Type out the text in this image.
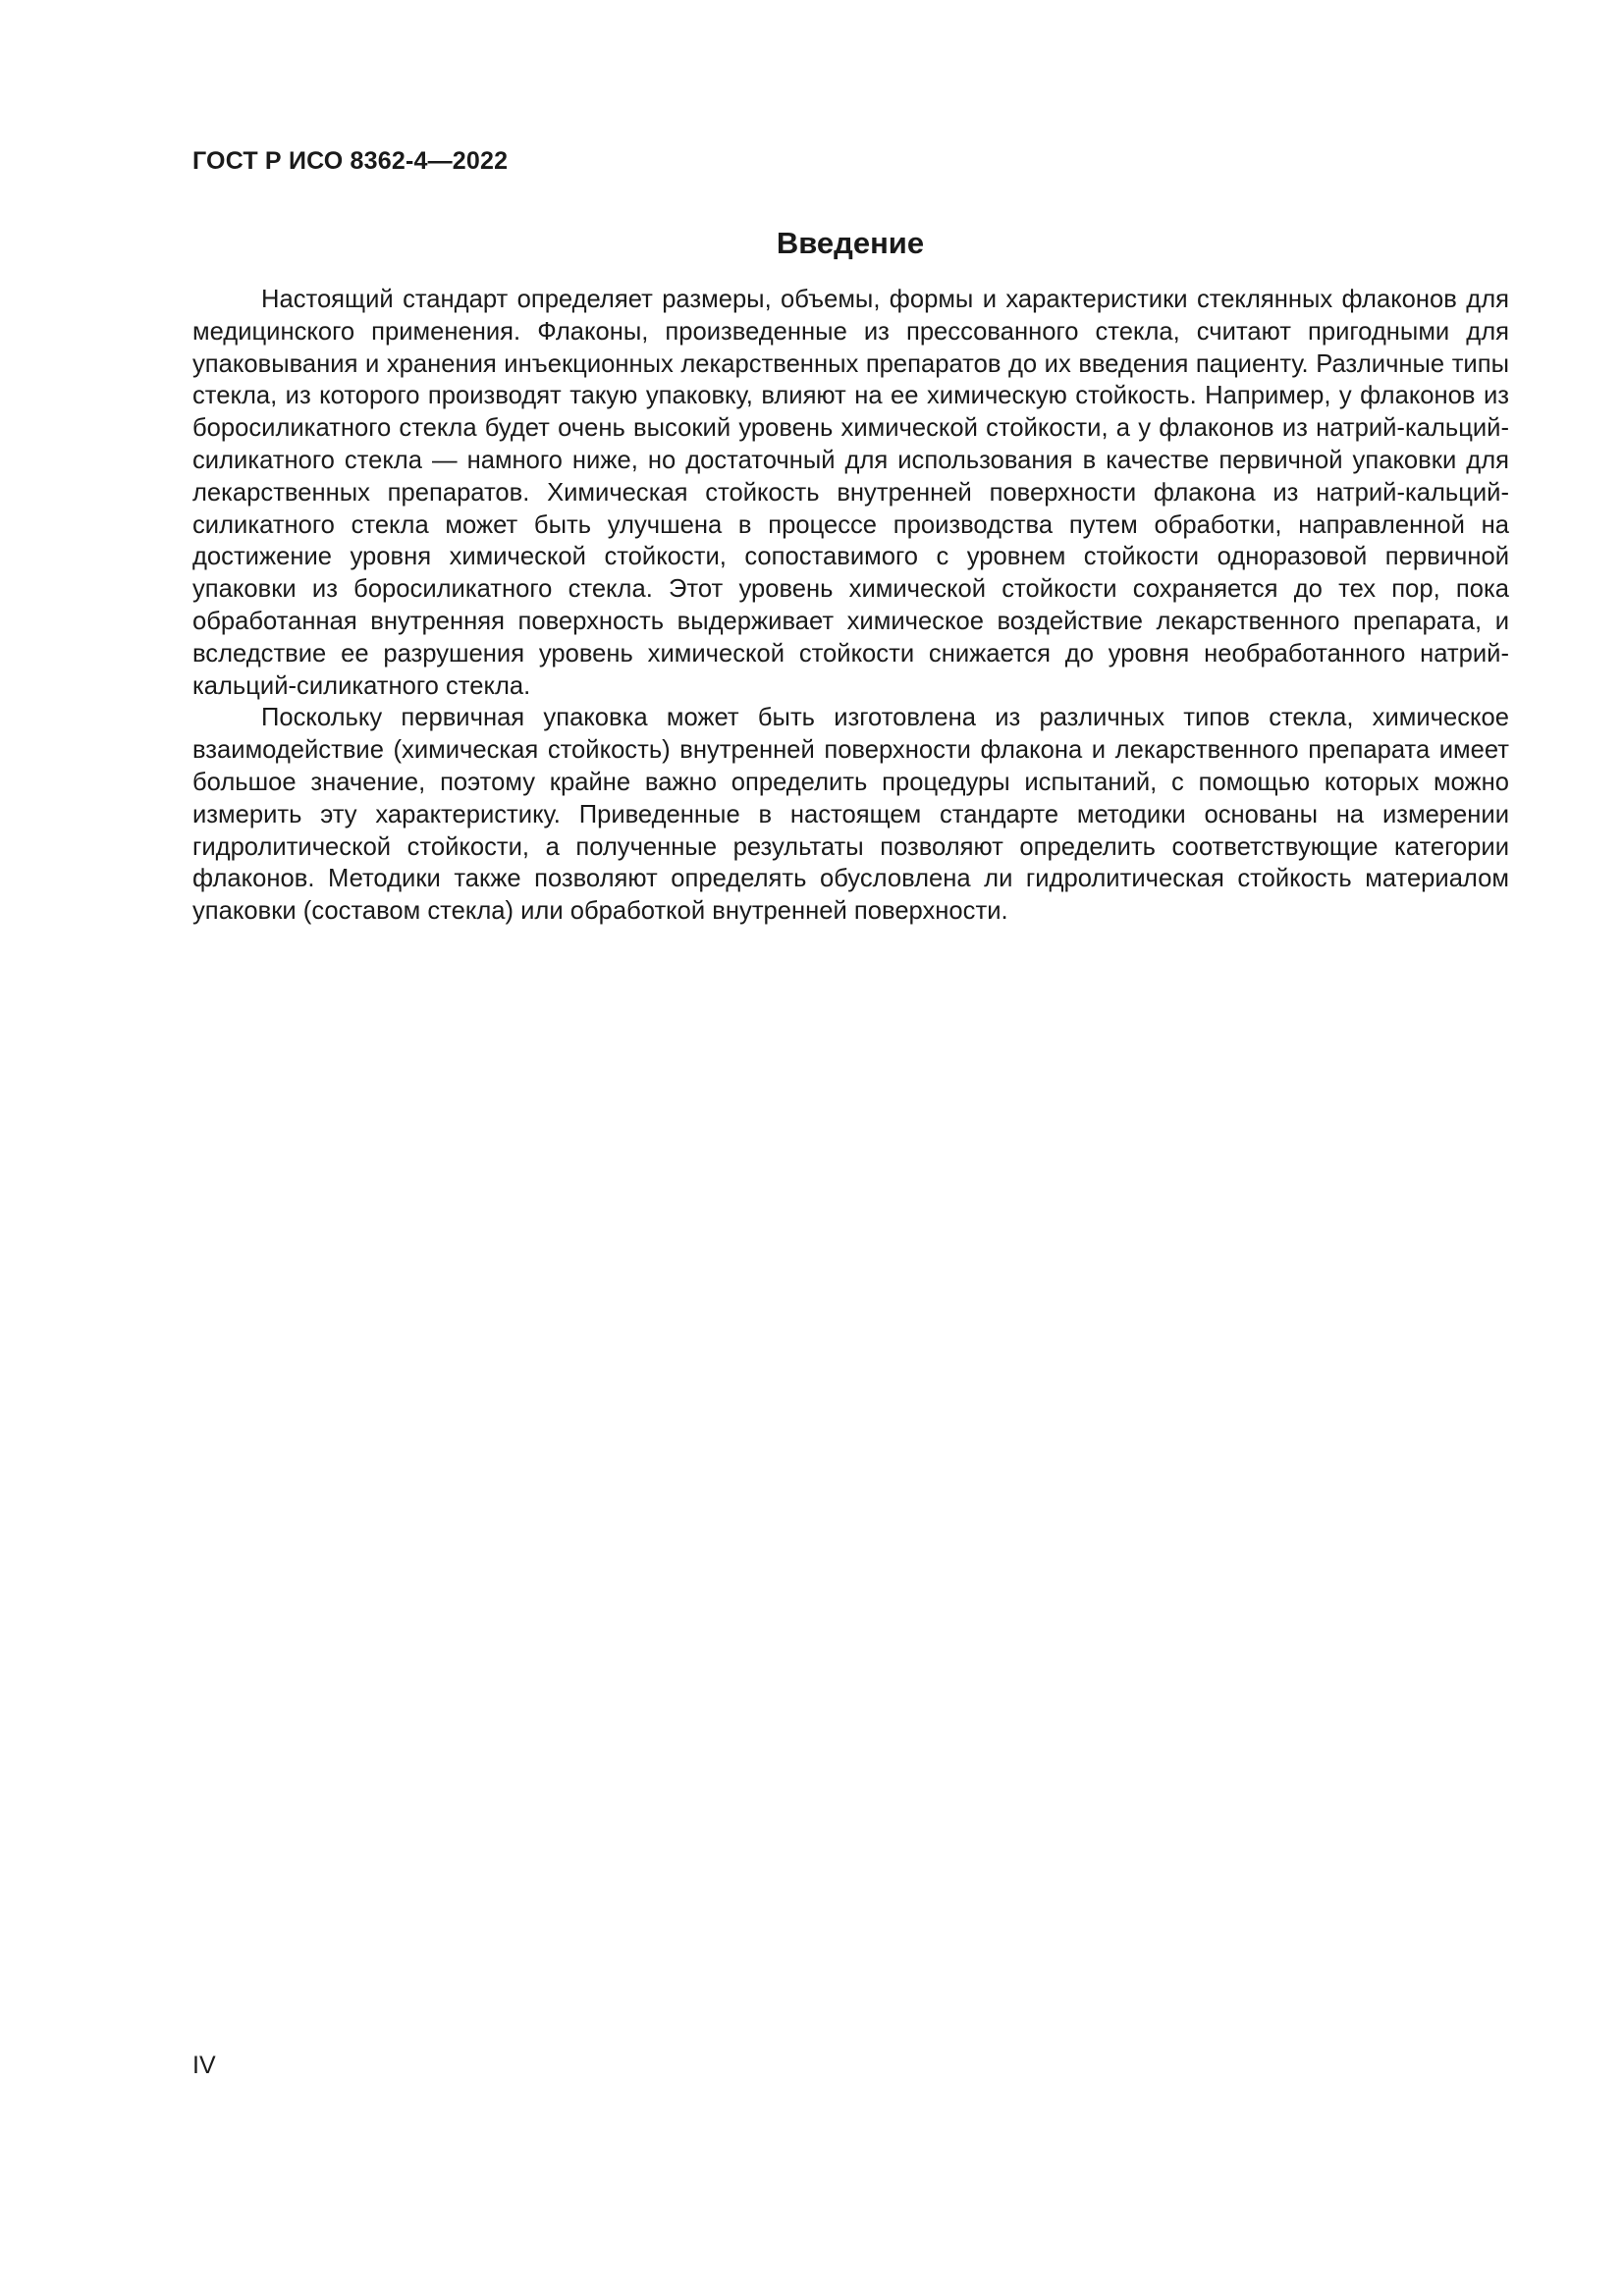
ГОСТ Р ИСО 8362-4—2022
Введение

Настоящий стандарт определяет размеры, объемы, формы и характеристики стеклянных флаконов для медицинского применения. Флаконы, произведенные из прессованного стекла, считают пригодными для упаковывания и хранения инъекционных лекарственных препаратов до их введения пациенту. Различные типы стекла, из которого производят такую упаковку, влияют на ее химическую стойкость. Например, у флаконов из боросиликатного стекла будет очень высокий уровень химической стойкости, а у флаконов из натрий-кальций-силикатного стекла — намного ниже, но достаточный для использования в качестве первичной упаковки для лекарственных препаратов. Химическая стойкость внутренней поверхности флакона из натрий-кальций-силикатного стекла может быть улучшена в процессе производства путем обработки, направленной на достижение уровня химической стойкости, сопоставимого с уровнем стойкости одноразовой первичной упаковки из боросиликатного стекла. Этот уровень химической стойкости сохраняется до тех пор, пока обработанная внутренняя поверхность выдерживает химическое воздействие лекарственного препарата, и вследствие ее разрушения уровень химической стойкости снижается до уровня необработанного натрий-кальций-силикатного стекла.

Поскольку первичная упаковка может быть изготовлена из различных типов стекла, химическое взаимодействие (химическая стойкость) внутренней поверхности флакона и лекарственного препарата имеет большое значение, поэтому крайне важно определить процедуры испытаний, с помощью которых можно измерить эту характеристику. Приведенные в настоящем стандарте методики основаны на измерении гидролитической стойкости, а полученные результаты позволяют определить соответствующие категории флаконов. Методики также позволяют определять обусловлена ли гидролитическая стойкость материалом упаковки (составом стекла) или обработкой внутренней поверхности.

IV
